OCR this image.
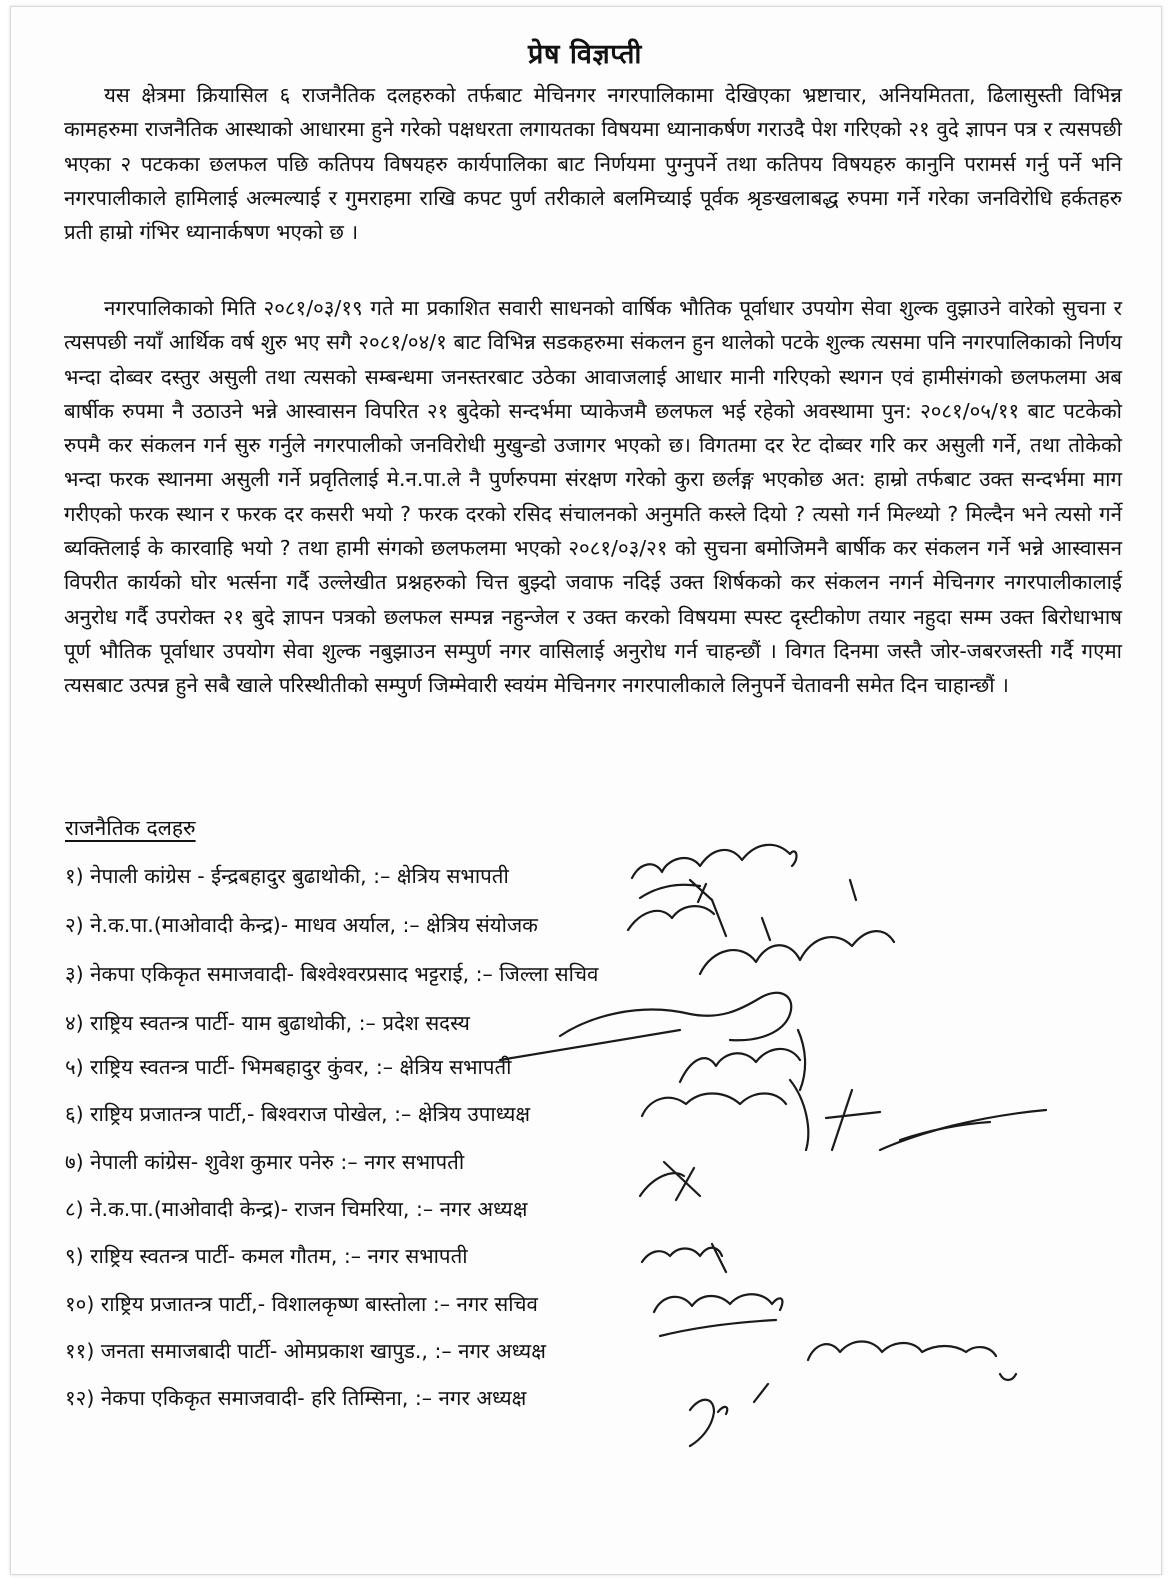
प्रेष विज्ञप्ती

यस क्षेत्रमा क्रियासिल ६ राजनैतिक दलहरुको तर्फबाट मेचिनगर नगरपालिकामा देखिएका भ्रष्टाचार, अनियमितता, ढिलासुस्ती विभिन्न कामहरुमा राजनैतिक आस्थाको आधारमा हुने गरेको पक्षधरता लगायतका विषयमा ध्यानाकर्षण गराउदै पेश गरिएको २१ वुदे ज्ञापन पत्र र त्यसपछी भएका २ पटकका छलफल पछि कतिपय विषयहरु कार्यपालिका बाट निर्णयमा पुग्नुपर्ने तथा कतिपय विषयहरु कानुनि परामर्स गर्नु पर्ने भनि नगरपालीकाले हामिलाई अल्मल्याई र गुमराहमा राखि कपट पुर्ण तरीकाले बलमिच्याई पूर्वक श्रृङखलाबद्ध रुपमा गर्ने गरेका जनविरोधि हर्कतहरु प्रती हाम्रो गंभिर ध्यानार्कषण भएको छ ।

नगरपालिकाको मिति २०८१/०३/१९ गते मा प्रकाशित सवारी साधनको वार्षिक भौतिक पूर्वाधार उपयोग सेवा शुल्क वुझाउने वारेको सुचना र त्यसपछी नयाँ आर्थिक वर्ष शुरु भए सगै २०८१/०४/१ बाट विभिन्न सडकहरुमा संकलन हुन थालेको पटके शुल्क त्यसमा पनि नगरपालिकाको निर्णय भन्दा दोब्वर दस्तुर असुली तथा त्यसको सम्बन्धमा जनस्तरबाट उठेका आवाजलाई आधार मानी गरिएको स्थगन एवं हामीसंगको छलफलमा अब बार्षीक रुपमा नै उठाउने भन्ने आस्वासन विपरित २१ बुदेको सन्दर्भमा प्याकेजमै छलफल भई रहेको अवस्थामा पुन: २०८१/०५/११ बाट पटकेको रुपमै कर संकलन गर्न सुरु गर्नुले नगरपालीको जनविरोधी मुखुन्डो उजागर भएको छ। विगतमा दर रेट दोब्वर गरि कर असुली गर्ने, तथा तोकेको भन्दा फरक स्थानमा असुली गर्ने प्रवृतिलाई मे.न.पा.ले नै पुर्णरुपमा संरक्षण गरेको कुरा छर्लङ्ग भएकोछ अत: हाम्रो तर्फबाट उक्त सन्दर्भमा माग गरीएको फरक स्थान र फरक दर कसरी भयो ? फरक दरको रसिद संचालनको अनुमति कस्ले दियो ? त्यसो गर्न मिल्थ्यो ? मिल्दैन भने त्यसो गर्ने ब्यक्तिलाई के कारवाहि भयो ? तथा हामी संगको छलफलमा भएको २०८१/०३/२१ को सुचना बमोजिमनै बार्षीक कर संकलन गर्ने भन्ने आस्वासन विपरीत कार्यको घोर भर्त्सना गर्दै उल्लेखीत प्रश्नहरुको चित्त बुझ्दो जवाफ नदिई उक्त शिर्षकको कर संकलन नगर्न मेचिनगर नगरपालीकालाई अनुरोध गर्दै उपरोक्त २१ बुदे ज्ञापन पत्रको छलफल सम्पन्न नहुन्जेल र उक्त करको विषयमा स्पस्ट दृस्टीकोण तयार नहुदा सम्म उक्त बिरोधाभाष पूर्ण भौतिक पूर्वाधार उपयोग सेवा शुल्क नबुझाउन सम्पुर्ण नगर वासिलाई अनुरोध गर्न चाहन्छौं । विगत दिनमा जस्तै जोर-जबरजस्ती गर्दै गएमा त्यसबाट उत्पन्न हुने सबै खाले परिस्थीतीको सम्पुर्ण जिम्मेवारी स्वयंम मेचिनगर नगरपालीकाले लिनुपर्ने चेतावनी समेत दिन चाहान्छौं ।

राजनैतिक दलहरु
१) नेपाली कांग्रेस - ईन्द्रबहादुर बुढाथोकी, :– क्षेत्रिय सभापती
२) ने.क.पा.(माओवादी केन्द्र)- माधव अर्याल, :– क्षेत्रिय संयोजक
३) नेकपा एकिकृत समाजवादी- बिश्वेश्वरप्रसाद भट्टराई, :– जिल्ला सचिव
४) राष्ट्रिय स्वतन्त्र पार्टी- याम बुढाथोकी, :– प्रदेश सदस्य
५) राष्ट्रिय स्वतन्त्र पार्टी- भिमबहादुर कुंवर, :– क्षेत्रिय सभापती
६) राष्ट्रिय प्रजातन्त्र पार्टी,- बिश्वराज पोखेल, :– क्षेत्रिय उपाध्यक्ष
७) नेपाली कांग्रेस- शुवेश कुमार पनेरु :– नगर सभापती
८) ने.क.पा.(माओवादी केन्द्र)- राजन चिमरिया, :– नगर अध्यक्ष
९) राष्ट्रिय स्वतन्त्र पार्टी- कमल गौतम, :– नगर सभापती
१०) राष्ट्रिय प्रजातन्त्र पार्टी,- विशालकृष्ण बास्तोला :– नगर सचिव
११) जनता समाजबादी पार्टी- ओमप्रकाश खापुड., :– नगर अध्यक्ष
१२) नेकपा एकिकृत समाजवादी- हरि तिम्सिना, :– नगर अध्यक्ष
